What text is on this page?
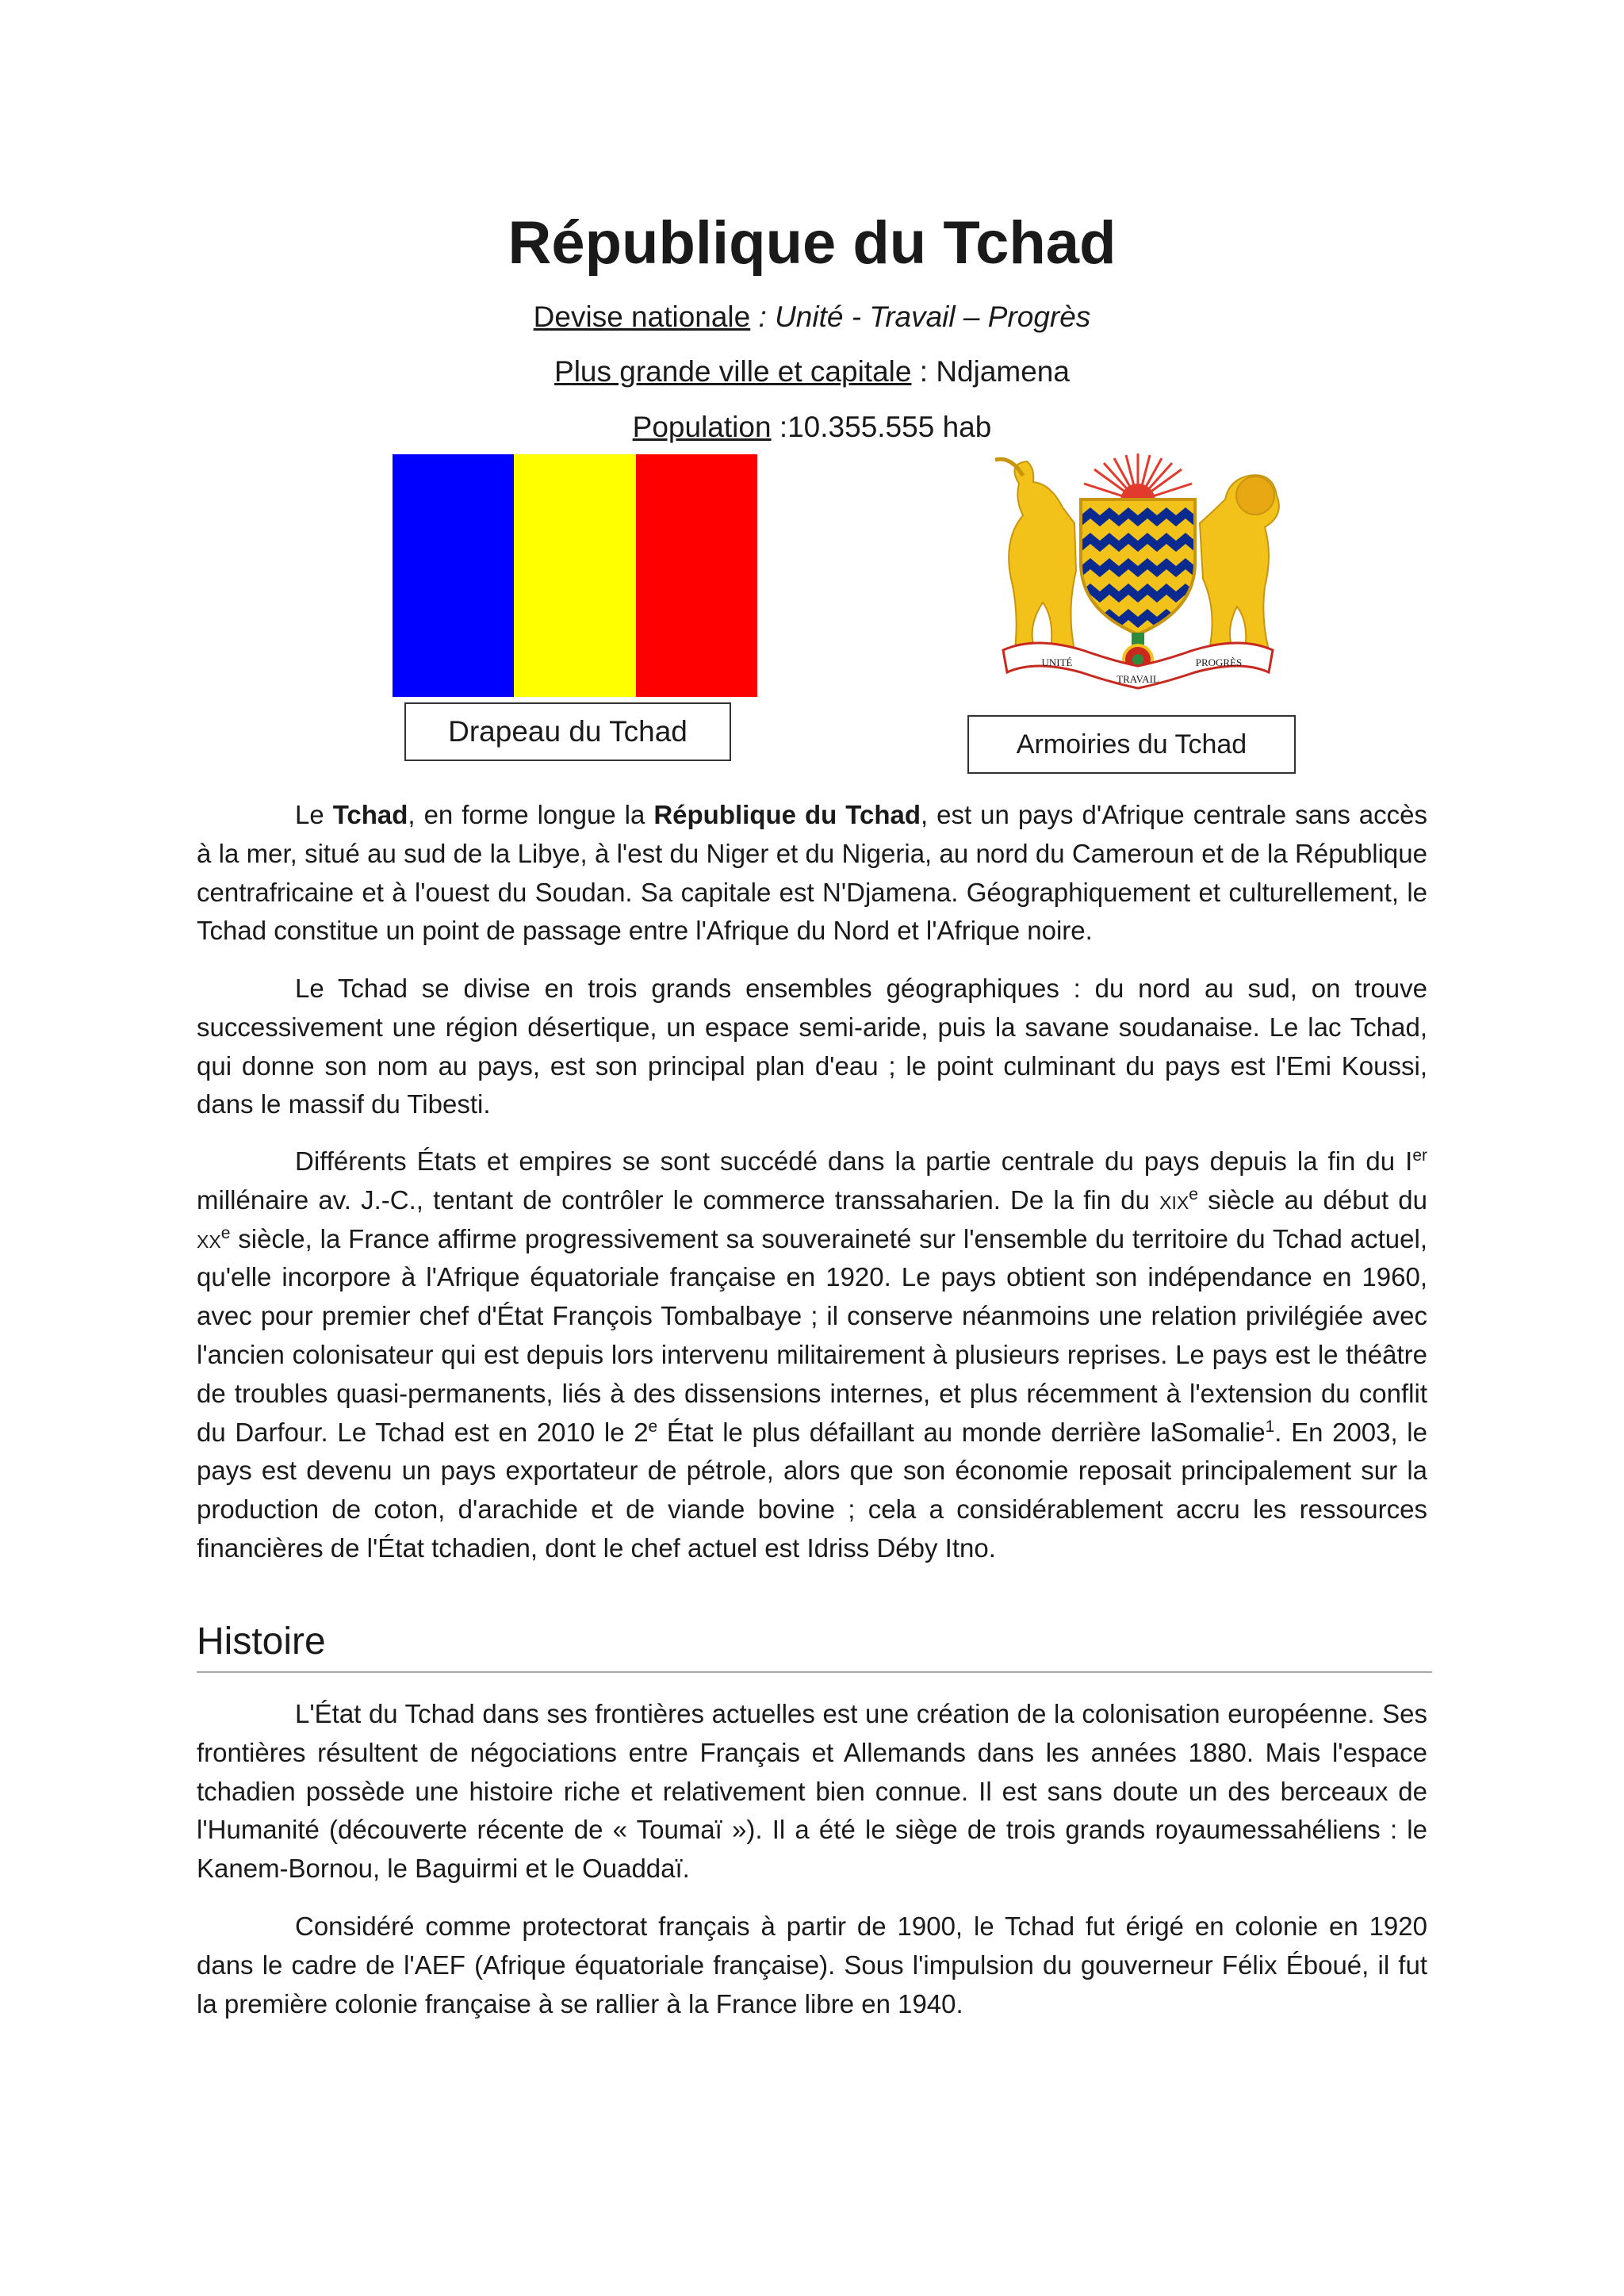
République du Tchad
Devise nationale : Unité - Travail – Progrès
Plus grande ville et capitale : Ndjamena
Population :10.355.555 hab
UNITÉ
TRAVAIL
PROGRÈS
Drapeau du Tchad	Armoiries du Tchad

Le Tchad, en forme longue la République du Tchad, est un pays d'Afrique centrale sans accès à la mer, situé au sud de la Libye, à l'est du Niger et du Nigeria, au nord du Cameroun et de la République centrafricaine et à l'ouest du Soudan. Sa capitale est N'Djamena. Géographiquement et culturellement, le Tchad constitue un point de passage entre l'Afrique du Nord et l'Afrique noire.

Le Tchad se divise en trois grands ensembles géographiques : du nord au sud, on trouve successivement une région désertique, un espace semi-aride, puis la savane soudanaise. Le lac Tchad, qui donne son nom au pays, est son principal plan d'eau ; le point culminant du pays est l'Emi Koussi, dans le massif du Tibesti.

Différents États et empires se sont succédé dans la partie centrale du pays depuis la fin du Ier millénaire av. J.-C., tentant de contrôler le commerce transsaharien. De la fin du xix$^e$ siècle au début du $xx^e$ siècle, la France affirme progressivement sa souveraineté sur l'ensemble du territoire du Tchad actuel, qu'elle incorpore à l'Afrique équatoriale française en 1920. Le pays obtient son indépendance en 1960, avec pour premier chef d'État François Tombalbaye ; il conserve néanmoins une relation privilégiée avec l'ancien colonisateur qui est depuis lors intervenu militairement à plusieurs reprises. Le pays est le théâtre de troubles quasi-permanents, liés à des dissensions internes, et plus récemment à l'extension du conflit du Darfour. Le Tchad est en 2010 le 2e État le plus défaillant au monde derrière laSomalie$^1$. En 2003, le pays est devenu un pays exportateur de pétrole, alors que son économie reposait principalement sur la production de coton, d'arachide et de viande bovine ; cela a considérablement accru les ressources financières de l'État tchadien, dont le chef actuel est Idriss Déby Itno.

Histoire

L'État du Tchad dans ses frontières actuelles est une création de la colonisation européenne. Ses frontières résultent de négociations entre Français et Allemands dans les années 1880. Mais l'espace tchadien possède une histoire riche et relativement bien connue. Il est sans doute un des berceaux de l'Humanité (découverte récente de « Toumaï »). Il a été le siège de trois grands royaumessahéliens : le Kanem-Bornou, le Baguirmi et le Ouaddaï.

Considéré comme protectorat français à partir de 1900, le Tchad fut érigé en colonie en 1920 dans le cadre de l'AEF (Afrique équatoriale française). Sous l'impulsion du gouverneur Félix Éboué, il fut la première colonie française à se rallier à la France libre en 1940.
